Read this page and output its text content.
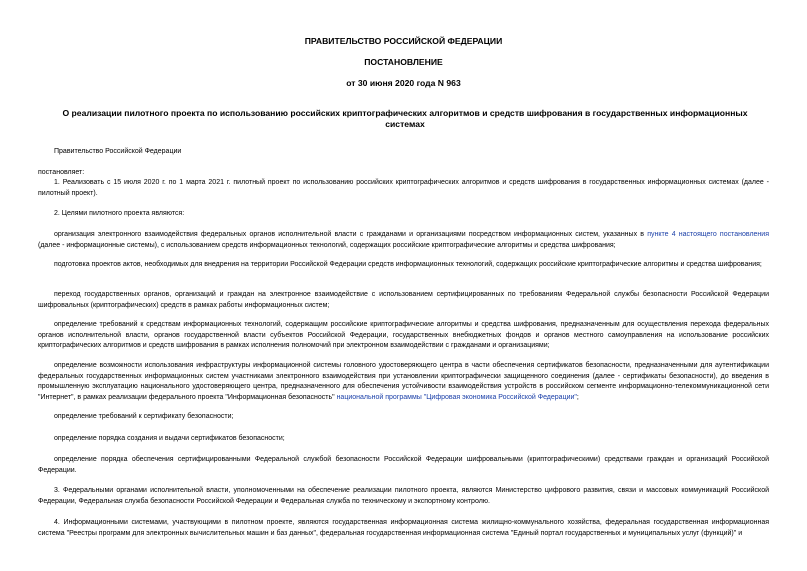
ПРАВИТЕЛЬСТВО РОССИЙСКОЙ ФЕДЕРАЦИИ

ПОСТАНОВЛЕНИЕ

от 30 июня 2020 года N 963

О реализации пилотного проекта по использованию российских криптографических алгоритмов и средств шифрования в государственных информационных системах

Правительство Российской Федерации

постановляет:

1. Реализовать с 15 июля 2020 г. по 1 марта 2021 г. пилотный проект по использованию российских криптографических алгоритмов и средств шифрования в государственных информационных системах (далее - пилотный проект).

2. Целями пилотного проекта являются:

организация электронного взаимодействия федеральных органов исполнительной власти с гражданами и организациями посредством информационных систем, указанных в пункте 4 настоящего постановления (далее - информационные системы), с использованием средств информационных технологий, содержащих российские криптографические алгоритмы и средства шифрования;

подготовка проектов актов, необходимых для внедрения на территории Российской Федерации средств информационных технологий, содержащих российские криптографические алгоритмы и средства шифрования;

переход государственных органов, организаций и граждан на электронное взаимодействие с использованием сертифицированных по требованиям Федеральной службы безопасности Российской Федерации шифровальных (криптографических) средств в рамках работы информационных систем;

определение требований к средствам информационных технологий, содержащим российские криптографические алгоритмы и средства шифрования, предназначенным для осуществления перехода федеральных органов исполнительной власти, органов государственной власти субъектов Российской Федерации, государственных внебюджетных фондов и органов местного самоуправления на использование российских криптографических алгоритмов и средств шифрования в рамках исполнения полномочий при электронном взаимодействии с гражданами и организациями;

определение возможности использования инфраструктуры информационной системы головного удостоверяющего центра в части обеспечения сертификатов безопасности, предназначенными для аутентификации федеральных государственных информационных систем участниками электронного взаимодействия при установлении криптографически защищенного соединения (далее - сертификаты безопасности), до введения в промышленную эксплуатацию национального удостоверяющего центра, предназначенного для обеспечения устойчивости взаимодействия устройств в российском сегменте информационно-телекоммуникационной сети "Интернет", в рамках реализации федерального проекта "Информационная безопасность" национальной программы "Цифровая экономика Российской Федерации";

определение требований к сертификату безопасности;

определение порядка создания и выдачи сертификатов безопасности;

определение порядка обеспечения сертифицированными Федеральной службой безопасности Российской Федерации шифровальными (криптографическими) средствами граждан и организаций Российской Федерации.

3. Федеральными органами исполнительной власти, уполномоченными на обеспечение реализации пилотного проекта, являются Министерство цифрового развития, связи и массовых коммуникаций Российской Федерации, Федеральная служба безопасности Российской Федерации и Федеральная служба по техническому и экспортному контролю.

4. Информационными системами, участвующими в пилотном проекте, являются государственная информационная система жилищно-коммунального хозяйства, федеральная государственная информационная система "Реестры программ для электронных вычислительных машин и баз данных", федеральная государственная информационная система "Единый портал государственных и муниципальных услуг (функций)" и
